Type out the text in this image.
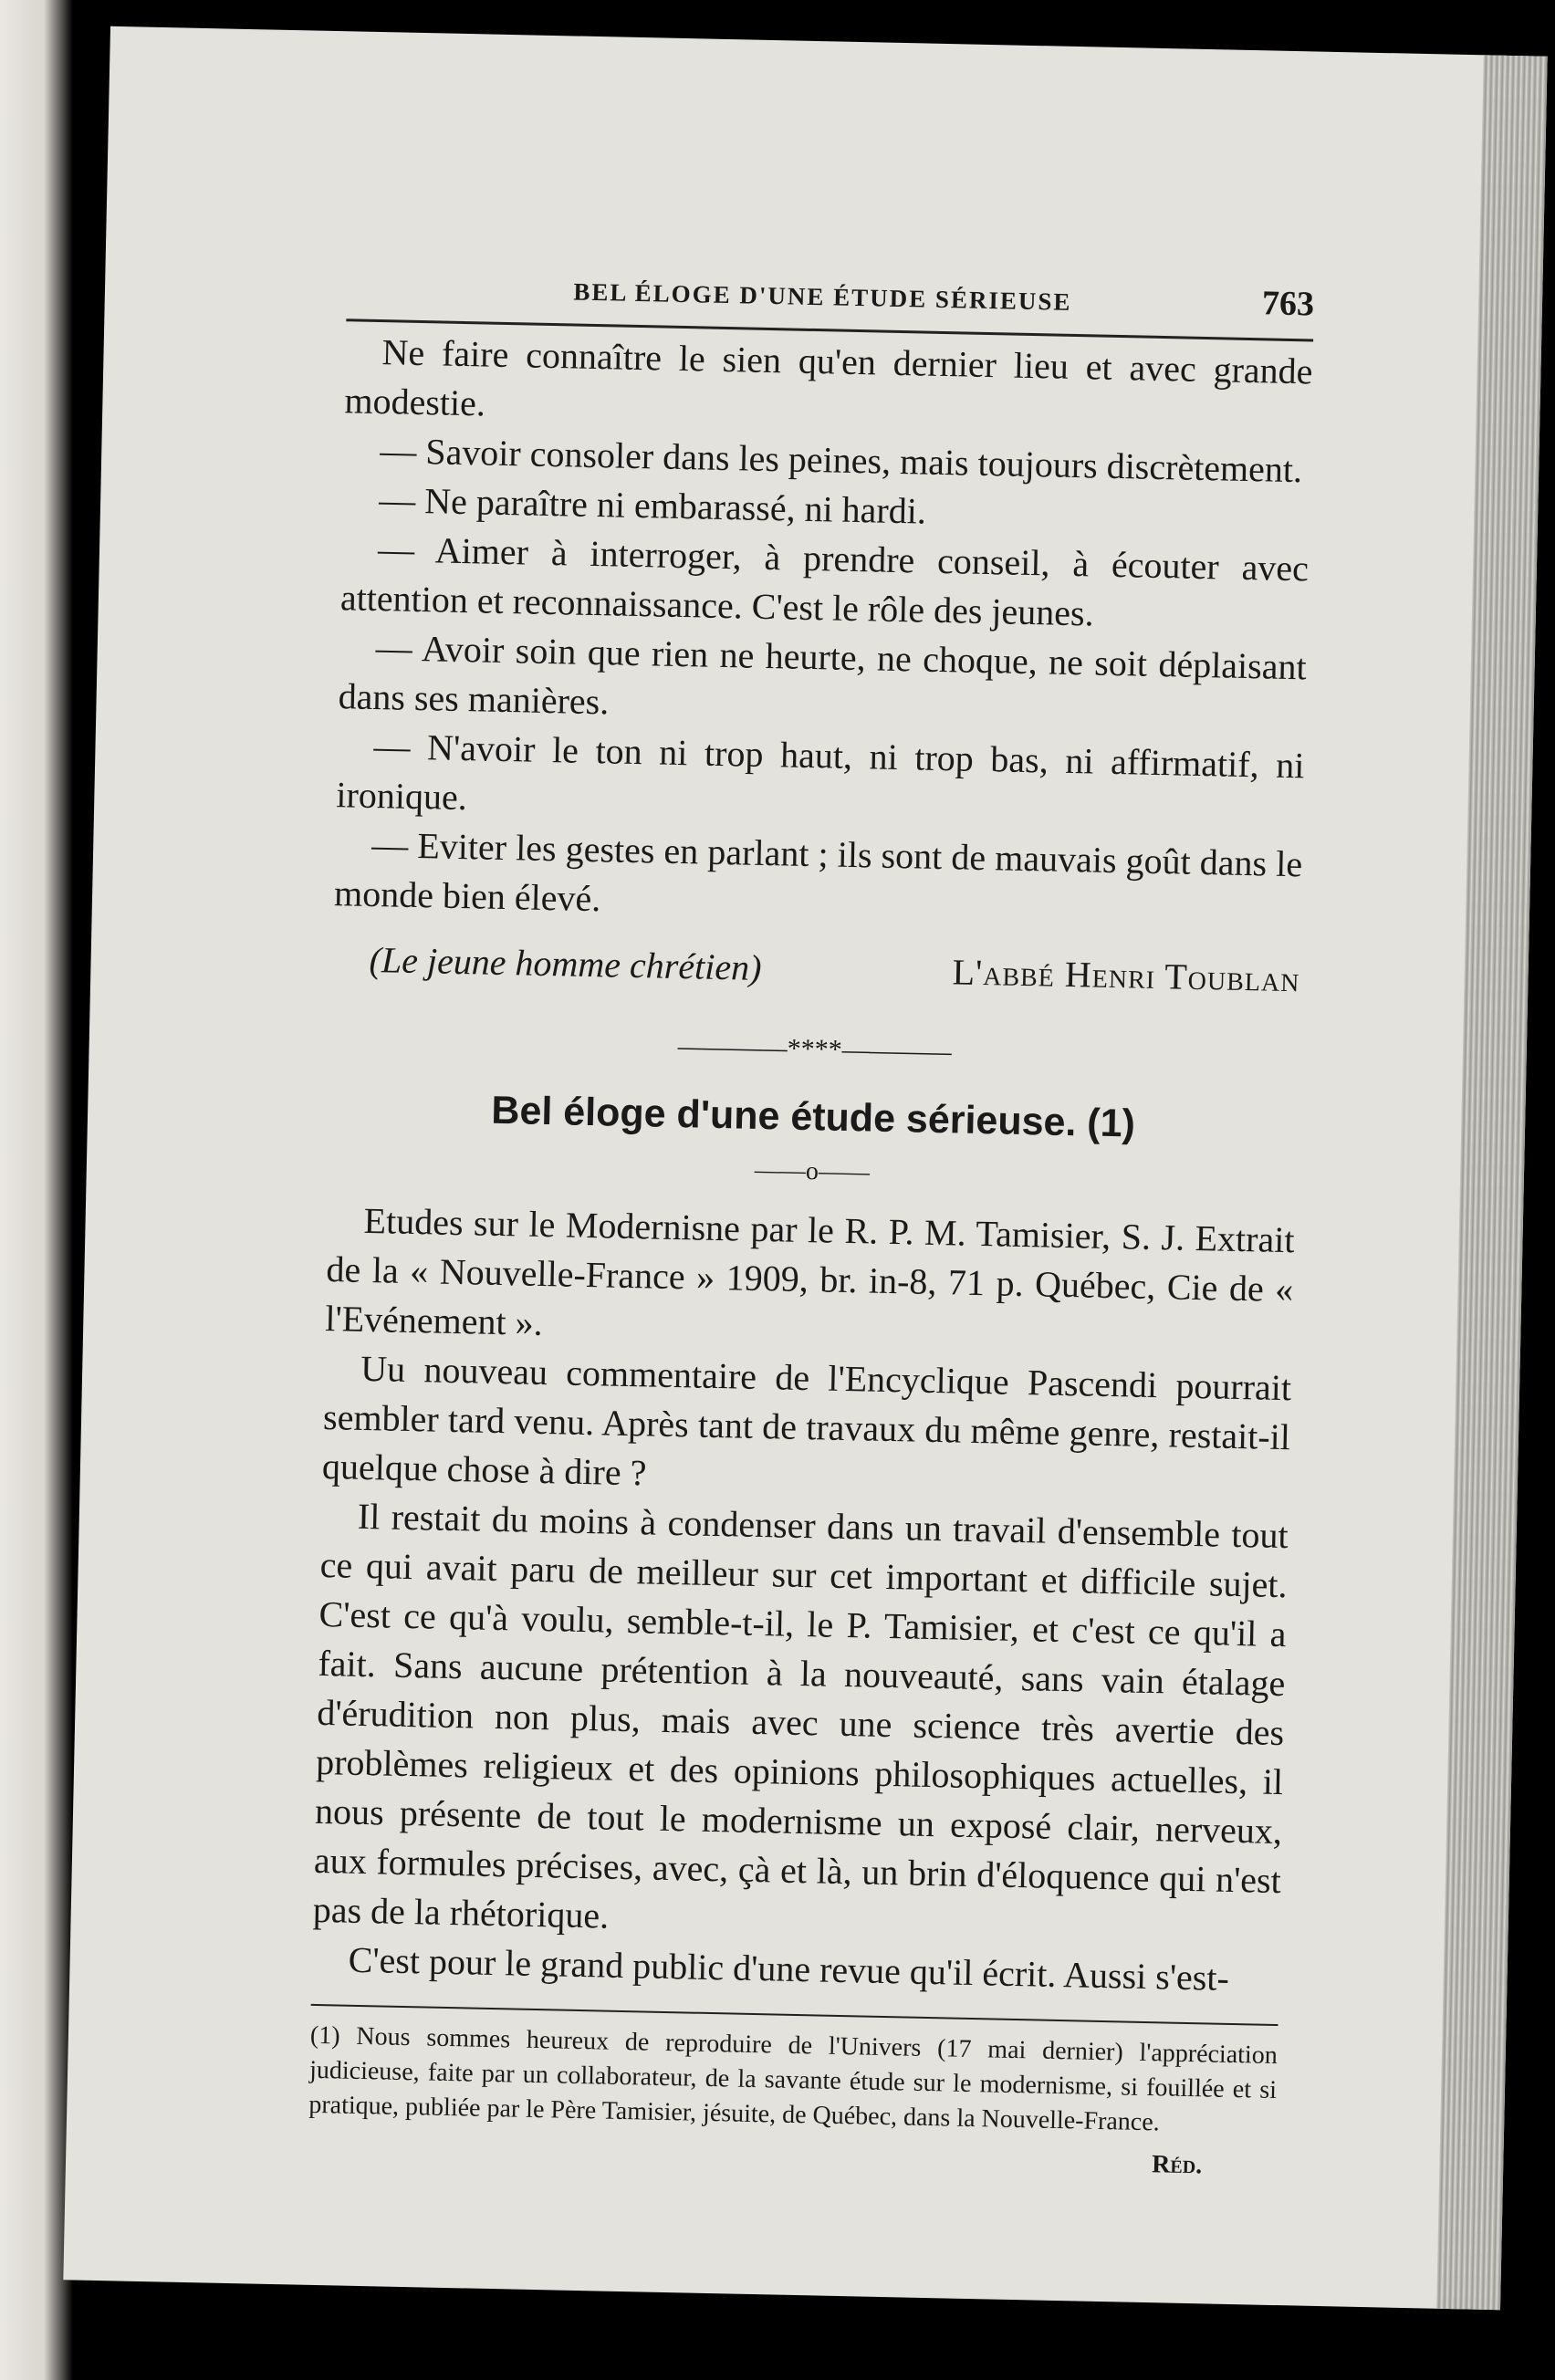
BEL ÉLOGE D'UNE ÉTUDE SÉRIEUSE	763

Ne faire connaître le sien qu'en dernier lieu et avec grande modestie.

— Savoir consoler dans les peines, mais toujours discrètement.

— Ne paraître ni embarassé, ni hardi.

— Aimer à interroger, à prendre conseil, à écouter avec attention et reconnaissance. C'est le rôle des jeunes.

— Avoir soin que rien ne heurte, ne choque, ne soit déplaisant dans ses manières.

— N'avoir le ton ni trop haut, ni trop bas, ni affirmatif, ni ironique.

— Eviter les gestes en parlant ; ils sont de mauvais goût dans le monde bien élevé.

(Le jeune homme chrétien)	L'abbé Henri Toublan
————****————
Bel éloge d'une étude sérieuse. (1)
——o——

Etudes sur le Modernisne par le R. P. M. Tamisier, S. J. Extrait de la « Nouvelle-France » 1909, br. in-8, 71 p. Québec, Cie de « l'Evénement ».

Uu nouveau commentaire de l'Encyclique Pascendi pourrait sembler tard venu. Après tant de travaux du même genre, restait-il quelque chose à dire ?

Il restait du moins à condenser dans un travail d'ensemble tout ce qui avait paru de meilleur sur cet important et difficile sujet. C'est ce qu'à voulu, semble-t-il, le P. Tamisier, et c'est ce qu'il a fait. Sans aucune prétention à la nouveauté, sans vain étalage d'érudition non plus, mais avec une science très avertie des problèmes religieux et des opinions philosophiques actuelles, il nous présente de tout le modernisme un exposé clair, nerveux, aux formules précises, avec, çà et là, un brin d'éloquence qui n'est pas de la rhétorique.

C'est pour le grand public d'une revue qu'il écrit. Aussi s'est-

(1) Nous sommes heureux de reproduire de l'Univers (17 mai dernier) l'appréciation judicieuse, faite par un collaborateur, de la savante étude sur le modernisme, si fouillée et si pratique, publiée par le Père Tamisier, jésuite, de Québec, dans la Nouvelle-France.

Réd.
